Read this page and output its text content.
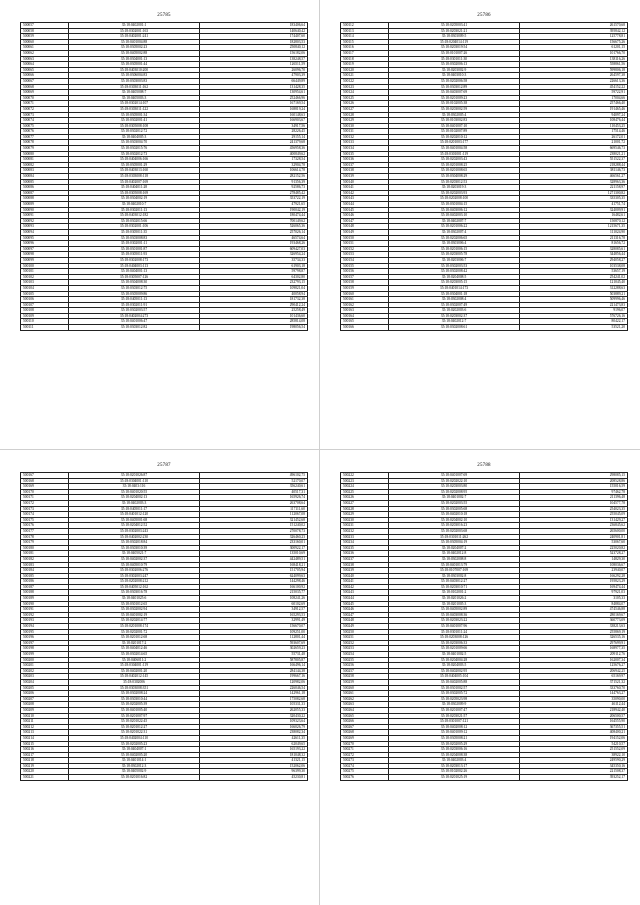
25785
500057	35:18:0402001:1	183406,64
500058	35:18:0302001:163	140640,42
500059	35:18:0402001:241	174407,60
500060	35:18:0401004:88	182803,53
500061	35:18:0305002:23	250840,12
500062	35:18:0405002:88	156182,06
500063	35:18:0304001:13	138248,57
500064	35:18:0305001:44	126511,59
500065	35:18:0403010:200	26096,70
500066	35:18:0306004:83	47903,39
500067	35:18:0303003:83	66449,89
500068	35:18:0303011:162	131428,35
500069	35:18:0405008:7	130954,61
500070	35:18:0405003:3	252466,96
500071	35:18:0302014:107	167169,54
500072	35:18:0303011:122	168819,24
500073	35:18:0305001:34	160148,63
500074	35:18:0302001:41	166903,67
500075	35:18:0305008:108	34917,56
500076	35:18:0302012:72	28226,45
500077	35:18:0404005:3	29155,14
500078	35:18:0303004:70	241379,68
500079	35:18:0302015:76	456958,36
500080	35:18:0302012:73	400849,62
500081	35:18:0404006:166	17328,54
500082	35:18:0305001:29	32904,78
500083	35:18:0403013:160	106614,78
500084	35:18:0303008:118	282152,56
500085	35:18:0402007:169	91356,39
500086	35:18:0404011:28	92586,73
500087	35:18:0305008:169	278485,42
500088	35:18:0304002:19	353722,19
500089	35:18:0402010:7	47921,65
500090	35:18:0302011:13	190042,19
500091	35:18:0403012:182	180474,44
500092	35:18:0302015:66	700149,62
500093	35:18:0302001:106	526065,36
500094	35:18:0305011:35	257026,14
500095	35:18:0303008:83	46574,64
500096	35:18:0302001:11	193468,26
500097	35:18:0301001:87	609427,03
500098	35:18:0305011:93	326954,24
500099	35:18:0302008:173	35734,33
500100	35:18:0404003:113	61903,18
500101	35:18:0404001:13	59798,87
500102	35:18:0305007:126	64302,80
500103	35:18:0304008:30	232793,15
500104	35:18:0303012:75	109821,04
500105	35:18:0305009:86	40058,94
500106	35:18:0405011:13	181732,38
500107	35:18:0302011:91	290412,24
500108	35:18:0302003:57	25258,49
500109	35:18:0402004:273	101436,60
500110	35:18:0401006:47	285814,08
500111	35:18:0303012:82	198056,54
25786
500112	35:18:0205003:41	261570,68
500113	35:18:0203021:21	395842,12
500114	35:18:0303009:5	125778,81
500115	35:18:0204014:119	156675,26
500116	35:18:0203019:54	61201,15
500117	35:18:0101007:26	101766,70
500118	35:18:0301011:30	138116,26
500119	35:18:0302006:13	558861,56
500120	35:18:0203002:9	599806,18
500121	35:18:0403010:3	264597,38
500122	35:18:0202006:58	226613,36
500123	35:18:0303012:89	454152,22
500124	35:18:0403007:69	59722,91
500125	35:18:0201009:23	17004,66
500126	35:18:0102005:38	257466,40
500127	35:18:0203002:59	191465,46
500128	35:18:0302005:4	94097,24
500129	35:18:0103002:83	108476,44
500130	35:18:0401007:10	110453,25
500131	35:18:0102007:89	17514,46
500132	35:18:0202010:12	26172,01
500133	35:18:0201003:177	21001,72
500134	35:18:0401004:58	669546,73
500135	35:18:0301001:119	238021,21
500136	35:18:0202003:43	551522,37
500137	35:18:0201008:25	218288,44
500138	35:18:0201008:65	381146,73
500139	35:18:0304008:29	466561,27
500140	35:18:0203012:53	328963,36
500141	35:18:0203019:3	221158,97
500142	35:18:0202003:93	1271300,82
500143	35:18:0202008:100	335305,35
500144	35:18:0301004:15	41751,74
500145	35:18:0403006:12	324009,91
500146	35:18:0402003:10	16482,61
500147	35:18:0402007:7	150870,12
500148	35:18:0201006:22	1215671,35
500149	35:18:0302007:4	111024,90
500150	35:18:0202006:65	211316,78
500151	35:18:0303006:4	81656,72
500152	35:18:0201006:15	328085,61
500153	35:18:0203005:78	344856,44
500154	35:18:0203006:7	294058,27
500155	35:18:0302003:53	103538,08
500156	35:18:0302008:42	53657,19
500157	35:18:0204008:5	254241,02
500158	35:18:0203005:15	121045,40
500159	35:18:0401014:173	312288,63
500160	35:18:0304001:18	503889,21
500161	35:18:0302008:4	509996,46
500162	35:18:0302007:49	221473,83
500163	35:18:0202003:6	9196,07
500164	35:18:0203002:37	576726,16
500165	35:18:0402012:7	80422,17
500166	35:18:0302008:61	53521,20
25787
500167	35:18:0201026:87	496102,75
500168	35:18:0304001:110	52170,07
500169	35:18:0403:116	356240,61
500170	35:18:0401020:55	40517,31
500171	35:18:0204002:13	165926,74
500172	35:18:0402003:3	263708,64
500173	35:18:0405011:17	117111,60
500174	35:18:0401012:120	112067,08
500175	35:18:0405001:68	321452,68
500176	35:18:0204012:52	151240,02
500177	35:18:0302003:243	270078,73
500178	35:18:0402002:230	326460,23
500179	35:18:0302018:84	233160,01
500180	35:18:0303010:39	300922,17
500181	35:18:0405021:7	135010,69
500182	35:18:0402002:37	442489,51
500183	35:18:0405010:79	168418,21
500184	35:18:0302006:276	151705,94
500185	35:18:0302003:247	624099,63
500186	35:18:0202008:212	144298,46
500187	35:18:0405012:162	166100,92
500188	35:18:0303016:78	215035,77
500189	35:18:0401025:6	108241,26
500190	35:18:0301012:65	60102,69
500191	35:18:0302002:94	34912,57
500192	35:18:0401002:19	165293,53
500193	35:18:0202014:77	32991,49
500194	35:18:0201008:174	156670,07
500195	35:18:0202001:72	109251,00
500196	35:18:0201012:68	112801,44
500197	35:18:0201017:2	593607,69
500198	35:18:0404012:46	302659,23
500199	35:18:0302014:65	55731,48
500200	35:18:0406011:2	587805,87
500201	35:18:0304001:119	166496,14
500202	35:18:0402001:20	284144,38
500203	35:18:0402012:145	199667,16
500204	35:18:0302006	120982,06
500205	35:18:0303008:351	226046,54
500206	35:18:0302008:24	142961,18
500207	35:18:0303010:44	175082,68
500208	35:18:0202005:39	105331,33
500209	35:18:0401005:40	262055,33
500210	35:18:0201007:97	320430,22
500211	35:18:0201022:45	109323,64
500212	35:18:0201012:27	166026,79
500213	35:18:0201022:31	238082,34
500214	35:18:0402004:110	42611,35
500215	35:18:0202005:23	62049,65
500216	35:18:0404007:1	165193,22
500217	35:18:0402005:20	181048,32
500218	35:18:0401014:1	41321,15
500219	35:18:0302012:3	152062,06
500220	35:18:0405002:9	96399,30
500221	35:18:0201016:82	45230,81
25788
500222	35:18:0401007:69	298085,15
500223	35:18:0202022:10	208528,86
500224	35:18:0203003:80	155016,59
500225	35:18:0202008:95	97462,78
500226	35:18:0401002:7	211396,48
500227	35:18:0202003:55	104577,78
500228	35:18:0302005:68	254023,35
500229	35:18:0402010:18	255045,09
500230	35:18:0204002:10	131429,27
500231	35:18:0203016:23	236845,62
500232	35:18:0202003:68	265600,00
500233	35:18:0301011:262	240901,81
500234	35:18:0305004:19	53067,60
500235	35:18:0204007:2	225020,82
500236	35:18:0402012:8	523728,27
500237	35:18:0302008:8	14829,30
500238	35:18:0401013:79	108036,67
500239	35:18:0107007:169	23940,07
500240	35:18:0303002:8	166292,28
500241	35:18:0403012:27	195823,29
500242	35:18:0203010:71	169474,44
500243	35:18:0102001:2	97921,03
500244	35:18:0201026:2	3105,33
500245	35:18:0201005:3	84884,07
500246	35:18:0405002:89	474546,88
500247	35:18:0403008:36	280169,67
500248	35:18:0203023:22	360773,09
500249	35:18:0401007:96	338213,63
500250	35:18:0301011:24	255869,19
500251	35:18:0203008:126	326535,16
500252	35:18:0203006:33	297699,91
500253	35:18:0201009:66	168977,35
500254	35:18:0401002:5	209112,76
500255	35:18:0204004:28	162007,34
500256	35:18:0204003:5	125676,27
500257	35:18:0402002:95	206942,25
500258	35:18:0404005:104	65169,97
500259	35:18:0402005:88	371521,32
500260	35:18:0301002:57	333760,70
500261	35:18:0302005:72	144763,27
500262	35:18:0205023:98	35090,00
500263	35:18:0302009:9	46112,44
500264	35:18:0201007:47	218942,40
500265	35:18:0203021:57	206500,57
500266	35:18:0301007:121	164555,90
500267	35:18:0402008:12	367355,51
500268	35:18:0401009:12	408400,21
500269	35:18:0305008:21	194152,06
500270	35:18:0202005:29	54210,57
500271	35:18:0203006:16	251552,09
500272	35:18:0204008:38	38922,10
500273	35:18:0402003:4	249590,29
500274	35:18:0203013:17	345350,16
500275	35:18:0102002:26	221508,37
500276	35:18:0201025:19	393252,17
